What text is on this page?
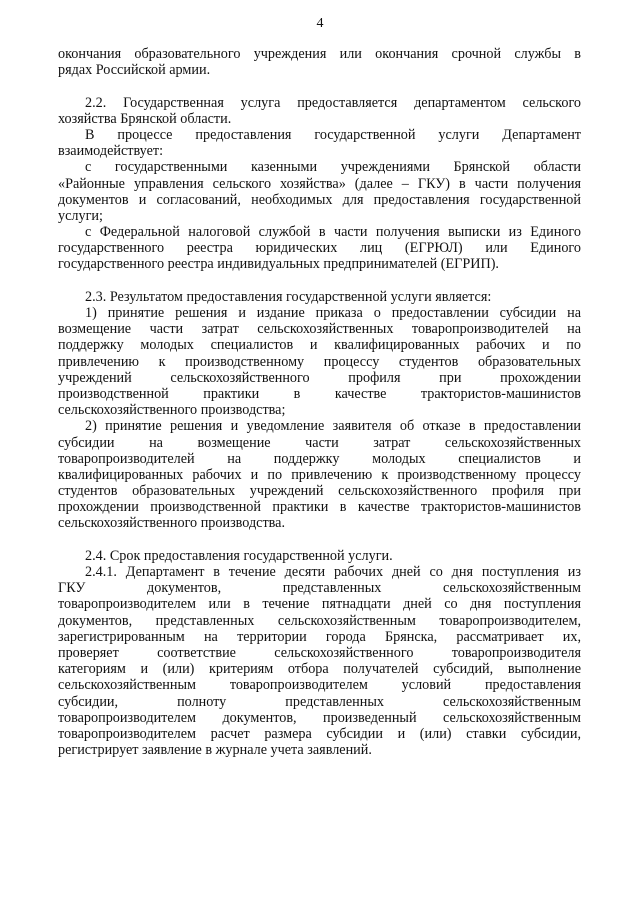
4
окончания образовательного учреждения или окончания срочной службы в
рядах Российской армии.
2.2. Государственная услуга предоставляется департаментом сельского
хозяйства Брянской области.
В процессе предоставления государственной услуги Департамент
взаимодействует:
с государственными казенными учреждениями Брянской области
«Районные управления сельского хозяйства» (далее – ГКУ) в части получения
документов и согласований, необходимых для предоставления государственной
услуги;
с Федеральной налоговой службой в части получения выписки из Единого
государственного реестра юридических лиц (ЕГРЮЛ) или Единого
государственного реестра индивидуальных предпринимателей (ЕГРИП).
2.3. Результатом предоставления государственной услуги является:
1) принятие решения и издание приказа о предоставлении субсидии на
возмещение части затрат сельскохозяйственных товаропроизводителей на
поддержку молодых специалистов и квалифицированных рабочих и по
привлечению к производственному процессу студентов образовательных
учреждений сельскохозяйственного профиля при прохождении
производственной практики в качестве трактористов-машинистов
сельскохозяйственного производства;
2) принятие решения и уведомление заявителя об отказе в предоставлении
субсидии на возмещение части затрат сельскохозяйственных
товаропроизводителей на поддержку молодых специалистов и
квалифицированных рабочих и по привлечению к производственному процессу
студентов образовательных учреждений сельскохозяйственного профиля при
прохождении производственной практики в качестве трактористов-машинистов
сельскохозяйственного производства.
2.4. Срок предоставления государственной услуги.
2.4.1. Департамент в течение десяти рабочих дней со дня поступления из
ГКУ документов, представленных сельскохозяйственным
товаропроизводителем или в течение пятнадцати дней со дня поступления
документов, представленных сельскохозяйственным товаропроизводителем,
зарегистрированным на территории города Брянска, рассматривает их,
проверяет соответствие сельскохозяйственного товаропроизводителя
категориям и (или) критериям отбора получателей субсидий, выполнение
сельскохозяйственным товаропроизводителем условий предоставления
субсидии, полноту представленных сельскохозяйственным
товаропроизводителем документов, произведенный сельскохозяйственным
товаропроизводителем расчет размера субсидии и (или) ставки субсидии,
регистрирует заявление в журнале учета заявлений.
